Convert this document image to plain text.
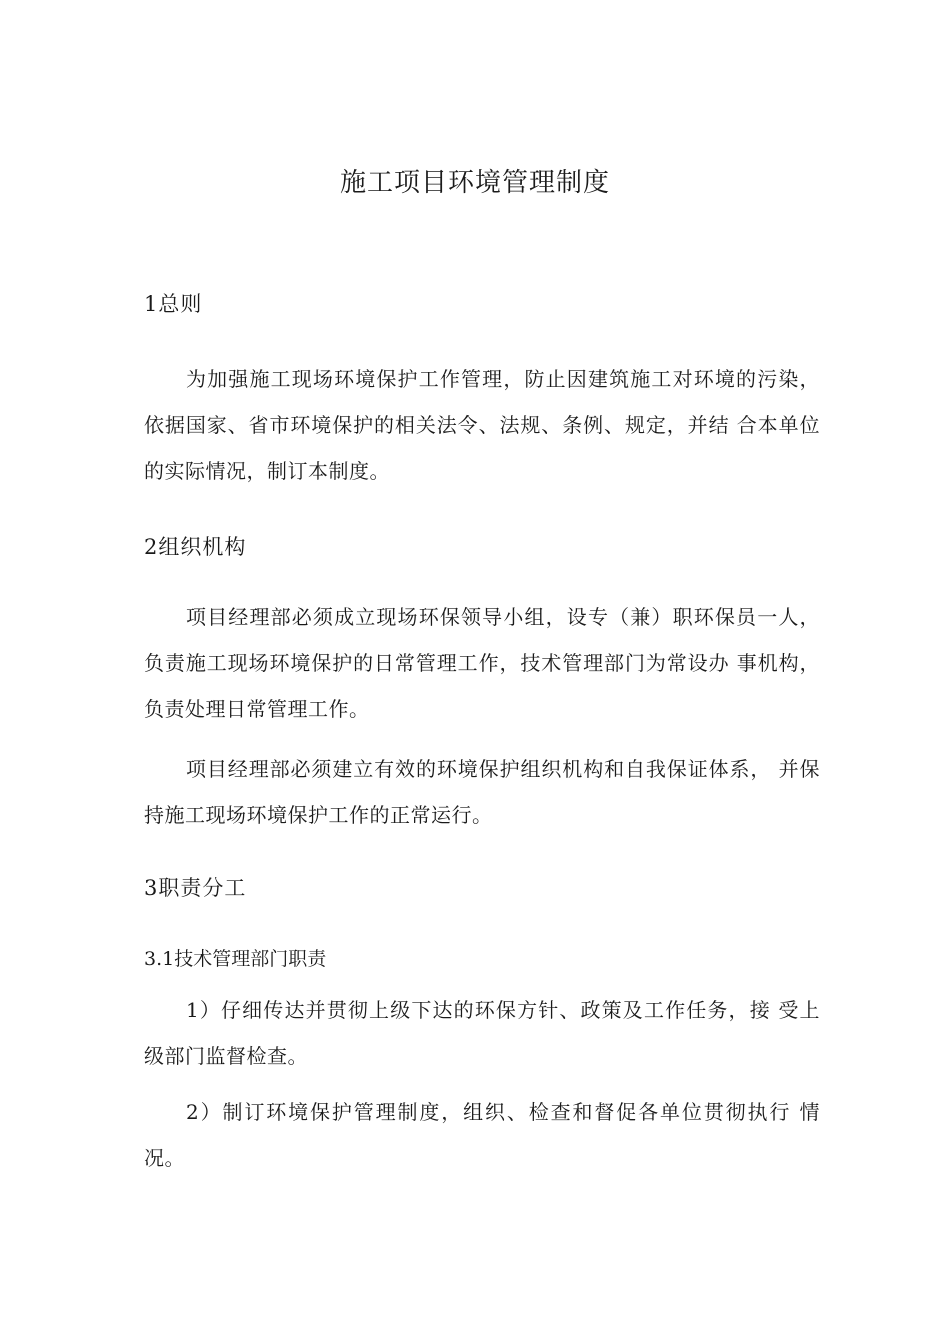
施工项目环境管理制度
1总则
为加强施工现场环境保护工作管理，防止因建筑施工对环境的污染，依据国家、省市环境保护的相关法令、法规、条例、规定，并结 合本单位的实际情况，制订本制度。
2组织机构
项目经理部必须成立现场环保领导小组，设专（兼）职环保员一人，负责施工现场环境保护的日常管理工作，技术管理部门为常设办 事机构，负责处理日常管理工作。
项目经理部必须建立有效的环境保护组织机构和自我保证体系， 并保持施工现场环境保护工作的正常运行。
3职责分工
3.1技术管理部门职责
1）仔细传达并贯彻上级下达的环保方针、政策及工作任务，接 受上级部门监督检查。
2）制订环境保护管理制度，组织、检查和督促各单位贯彻执行 情况。
